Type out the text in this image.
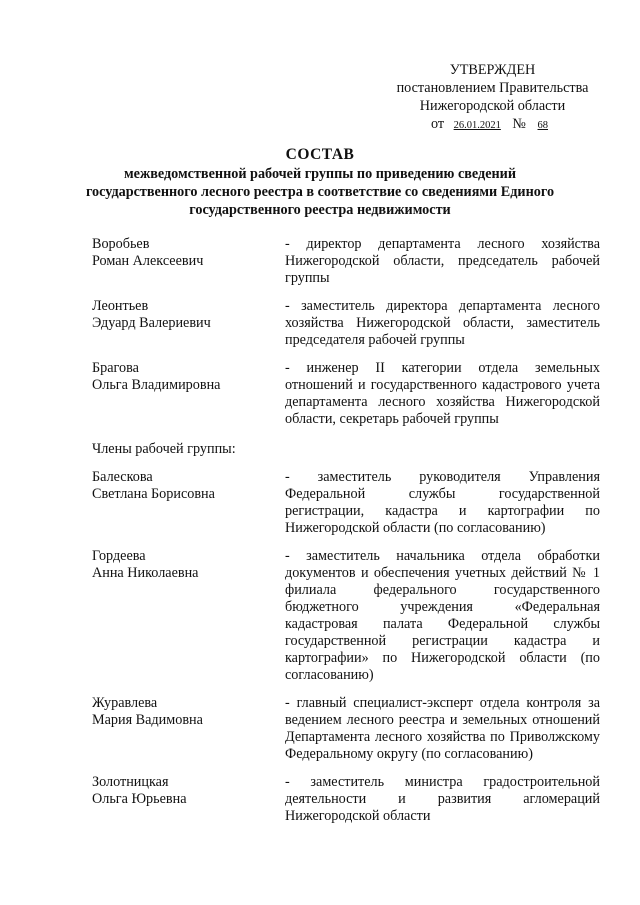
УТВЕРЖДЕН
постановлением Правительства
Нижегородской области
от 26.01.2021 № 68
СОСТАВ
межведомственной рабочей группы по приведению сведений государственного лесного реестра в соответствие со сведениями Единого государственного реестра недвижимости
Воробьев
Роман Алексеевич
- директор департамента лесного хозяйства Нижегородской области, председатель рабочей группы
Леонтьев
Эдуард Валериевич
- заместитель директора департамента лесного хозяйства Нижегородской области, заместитель председателя рабочей группы
Брагова
Ольга Владимировна
- инженер II категории отдела земельных отношений и государственного кадастрового учета департамента лесного хозяйства Нижегородской области, секретарь рабочей группы
Члены рабочей группы:
Балескова
Светлана Борисовна
- заместитель руководителя Управления Федеральной службы государственной регистрации, кадастра и картографии по Нижегородской области (по согласованию)
Гордеева
Анна Николаевна
- заместитель начальника отдела обработки документов и обеспечения учетных действий № 1 филиала федерального государственного бюджетного учреждения «Федеральная кадастровая палата Федеральной службы государственной регистрации кадастра и картографии» по Нижегородской области (по согласованию)
Журавлева
Мария Вадимовна
- главный специалист-эксперт отдела контроля за ведением лесного реестра и земельных отношений Департамента лесного хозяйства по Приволжскому Федеральному округу (по согласованию)
Золотницкая
Ольга Юрьевна
- заместитель министра градостроительной деятельности и развития агломераций Нижегородской области
